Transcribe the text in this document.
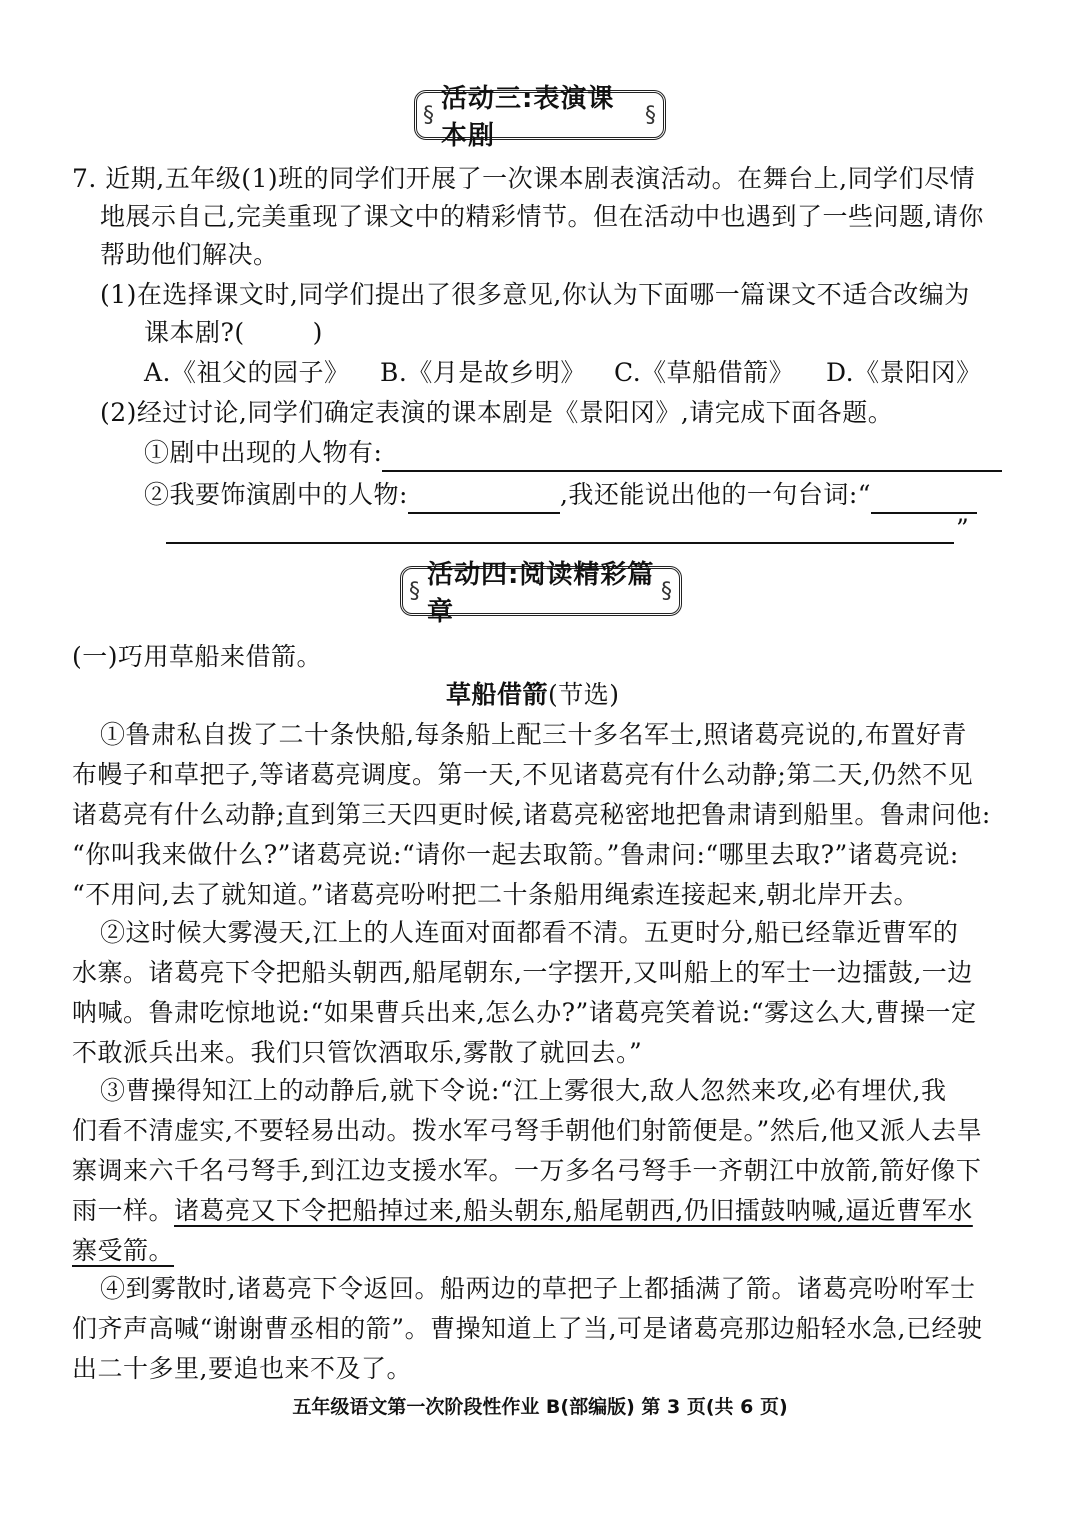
§
活动三:表演课本剧
§
7. 近期,五年级(1)班的同学们开展了一次课本剧表演活动。在舞台上,同学们尽情
地展示自己,完美重现了课文中的精彩情节。但在活动中也遇到了一些问题,请你
帮助他们解决。
(1)在选择课文时,同学们提出了很多意见,你认为下面哪一篇课文不适合改编为
课本剧?(	)
A.《祖父的园子》 B.《月是故乡明》 C.《草船借箭》 D.《景阳冈》
(2)经过讨论,同学们确定表演的课本剧是《景阳冈》,请完成下面各题。
①剧中出现的人物有:
②我要饰演剧中的人物:	,我还能说出他的一句台词:“
”
§
活动四:阅读精彩篇章
§
(一)巧用草船来借箭。
草船借箭(节选)
①鲁肃私自拨了二十条快船,每条船上配三十多名军士,照诸葛亮说的,布置好青
布幔子和草把子,等诸葛亮调度。第一天,不见诸葛亮有什么动静;第二天,仍然不见
诸葛亮有什么动静;直到第三天四更时候,诸葛亮秘密地把鲁肃请到船里。鲁肃问他:
“你叫我来做什么?”诸葛亮说:“请你一起去取箭。”鲁肃问:“哪里去取?”诸葛亮说:
“不用问,去了就知道。”诸葛亮吩咐把二十条船用绳索连接起来,朝北岸开去。
②这时候大雾漫天,江上的人连面对面都看不清。五更时分,船已经靠近曹军的
水寨。诸葛亮下令把船头朝西,船尾朝东,一字摆开,又叫船上的军士一边擂鼓,一边
呐喊。鲁肃吃惊地说:“如果曹兵出来,怎么办?”诸葛亮笑着说:“雾这么大,曹操一定
不敢派兵出来。我们只管饮酒取乐,雾散了就回去。”
③曹操得知江上的动静后,就下令说:“江上雾很大,敌人忽然来攻,必有埋伏,我
们看不清虚实,不要轻易出动。拨水军弓弩手朝他们射箭便是。”然后,他又派人去旱
寨调来六千名弓弩手,到江边支援水军。一万多名弓弩手一齐朝江中放箭,箭好像下
雨一样。诸葛亮又下令把船掉过来,船头朝东,船尾朝西,仍旧擂鼓呐喊,逼近曹军水
寨受箭。
④到雾散时,诸葛亮下令返回。船两边的草把子上都插满了箭。诸葛亮吩咐军士
们齐声高喊“谢谢曹丞相的箭”。曹操知道上了当,可是诸葛亮那边船轻水急,已经驶
出二十多里,要追也来不及了。
五年级语文第一次阶段性作业 B(部编版) 第 3 页(共 6 页)
